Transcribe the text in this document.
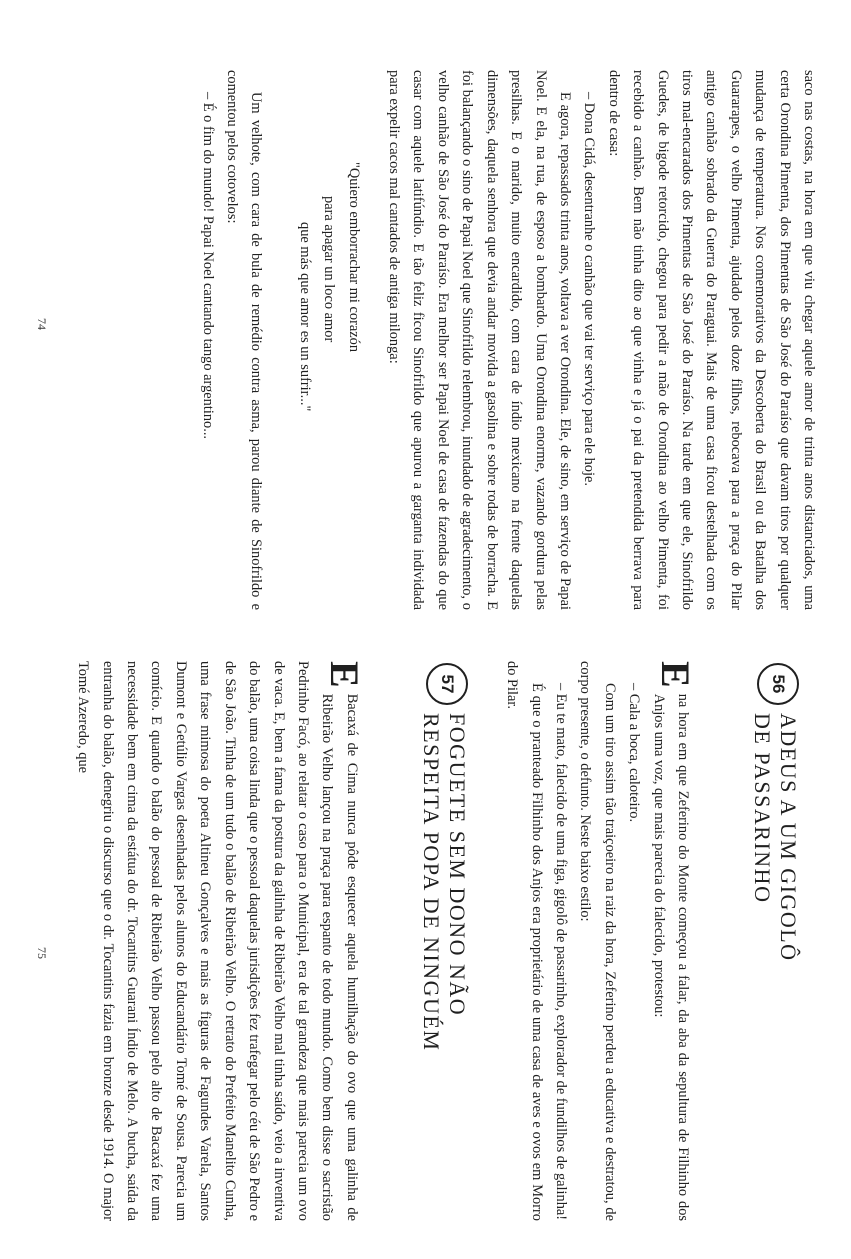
saco nas costas, na hora em que viu chegar aquele amor de trinta anos distanciados, uma certa Orondina Pimenta, dos Pimentas de São José do Paraíso que davam tiros por qualquer mudança de temperatura. Nos comemorativos da Descoberta do Brasil ou da Batalha dos Guararapes, o velho Pimenta, ajudado pelos doze filhos, rebocava para a praça do Pilar antigo canhão sobrado da Guerra do Paraguai. Mais de uma casa ficou destelhada com os tiros mal-encarados dos Pimentas de São José do Paraíso. Na tarde em que ele, Sinofrildo Guedes, de bigode retorcido, chegou para pedir a mão de Orondina ao velho Pimenta, foi recebido a canhão. Bem não tinha dito ao que vinha e já o pai da pretendida berrava para dentro de casa:

– Dona Cidá, desentranhe o canhão que vai ter serviço para ele hoje.

E agora, repassados trinta anos, voltava a ver Orondina. Ele, de sino, em serviço de Papai Noel. E ela, na rua, de esposo a bombardo. Uma Orondina enorme, vazando gordura pelas presilhas. E o marido, muito encardido, com cara de índio mexicano na frente daquelas dimensões, daquela senhora que devia andar movida a gasolina e sobre rodas de borracha. E foi balançando o sino de Papai Noel que Sinofrildo relembrou, inundado de agradecimento, o velho canhão de São José do Paraíso. Era melhor ser Papai Noel de casa de fazendas do que casar com aquele latifúndio. E tão feliz ficou Sinofrildo que apurou a garganta individada para expelir cacos mal cantados de antiga milonga:

"Quiero emborrachar mi corazón
para apagar un loco amor
que más que amor es un sufrir..."

Um velhote, com cara de bula de remédio contra asma, parou diante de Sinofrildo e comentou pelos cotovelos:

– É o fim do mundo! Papai Noel cantando tango argentino...

74
56
ADEUS A UM GIGOLÔ
DE PASSARINHO

E
na hora em que Zeferino do Monte começou a falar, da aba da sepultura de Filhinho dos Anjos uma voz, que mais parecia do falecido, protestou:

– Cala a boca, caloteiro.

Com um tiro assim tão traiçoeiro na raiz da hora, Zeferino perdeu a educativa e destratou, de corpo presente, o defunto. Neste baixo estilo:

– Eu te mato, falecido de uma figa, gigolô de passarinho, explorador de fundilhos de galinha!

É que o pranteado Filhinho dos Anjos era proprietário de uma casa de aves e ovos em Morro do Pilar.

57
FOGUETE SEM DONO NÃO
RESPEITA POPA DE NINGUÉM

E
Bacaxá de Cima nunca pôde esquecer aquela humilhação do ovo que uma galinha de Ribeirão Velho lançou na praça para espanto de todo mundo. Como bem disse o sacristão Pedrinho Facó, ao relatar o caso para o Municipal, era de tal grandeza que mais parecia um ovo de vaca. E, bem a fama da postura da galinha de Ribeirão Velho mal tinha saído, veio a inventiva do balão, uma coisa linda que o pessoal daquelas jurisdições fez trafegar pelo céu de São Pedro e de São João. Tinha de um tudo o balão de Ribeirão Velho. O retrato do Prefeito Manelito Cunha, uma frase mimosa do poeta Altineu Gonçalves e mais as figuras de Fagundes Varela, Santos Dumont e Getúlio Vargas desenhadas pelos alunos do Educandário Tomé de Sousa. Parecia um comício. E quando o balão do pessoal de Ribeirão Velho passou pelo alto de Bacaxá fez uma necessidade bem em cima da estátua do dr. Tocantins Guarani Índio de Melo. A bucha, saída da entranha do balão, denegriu o discurso que o dr. Tocantins fazia em bronze desde 1914. O major Tomé Azeredo, que

75
